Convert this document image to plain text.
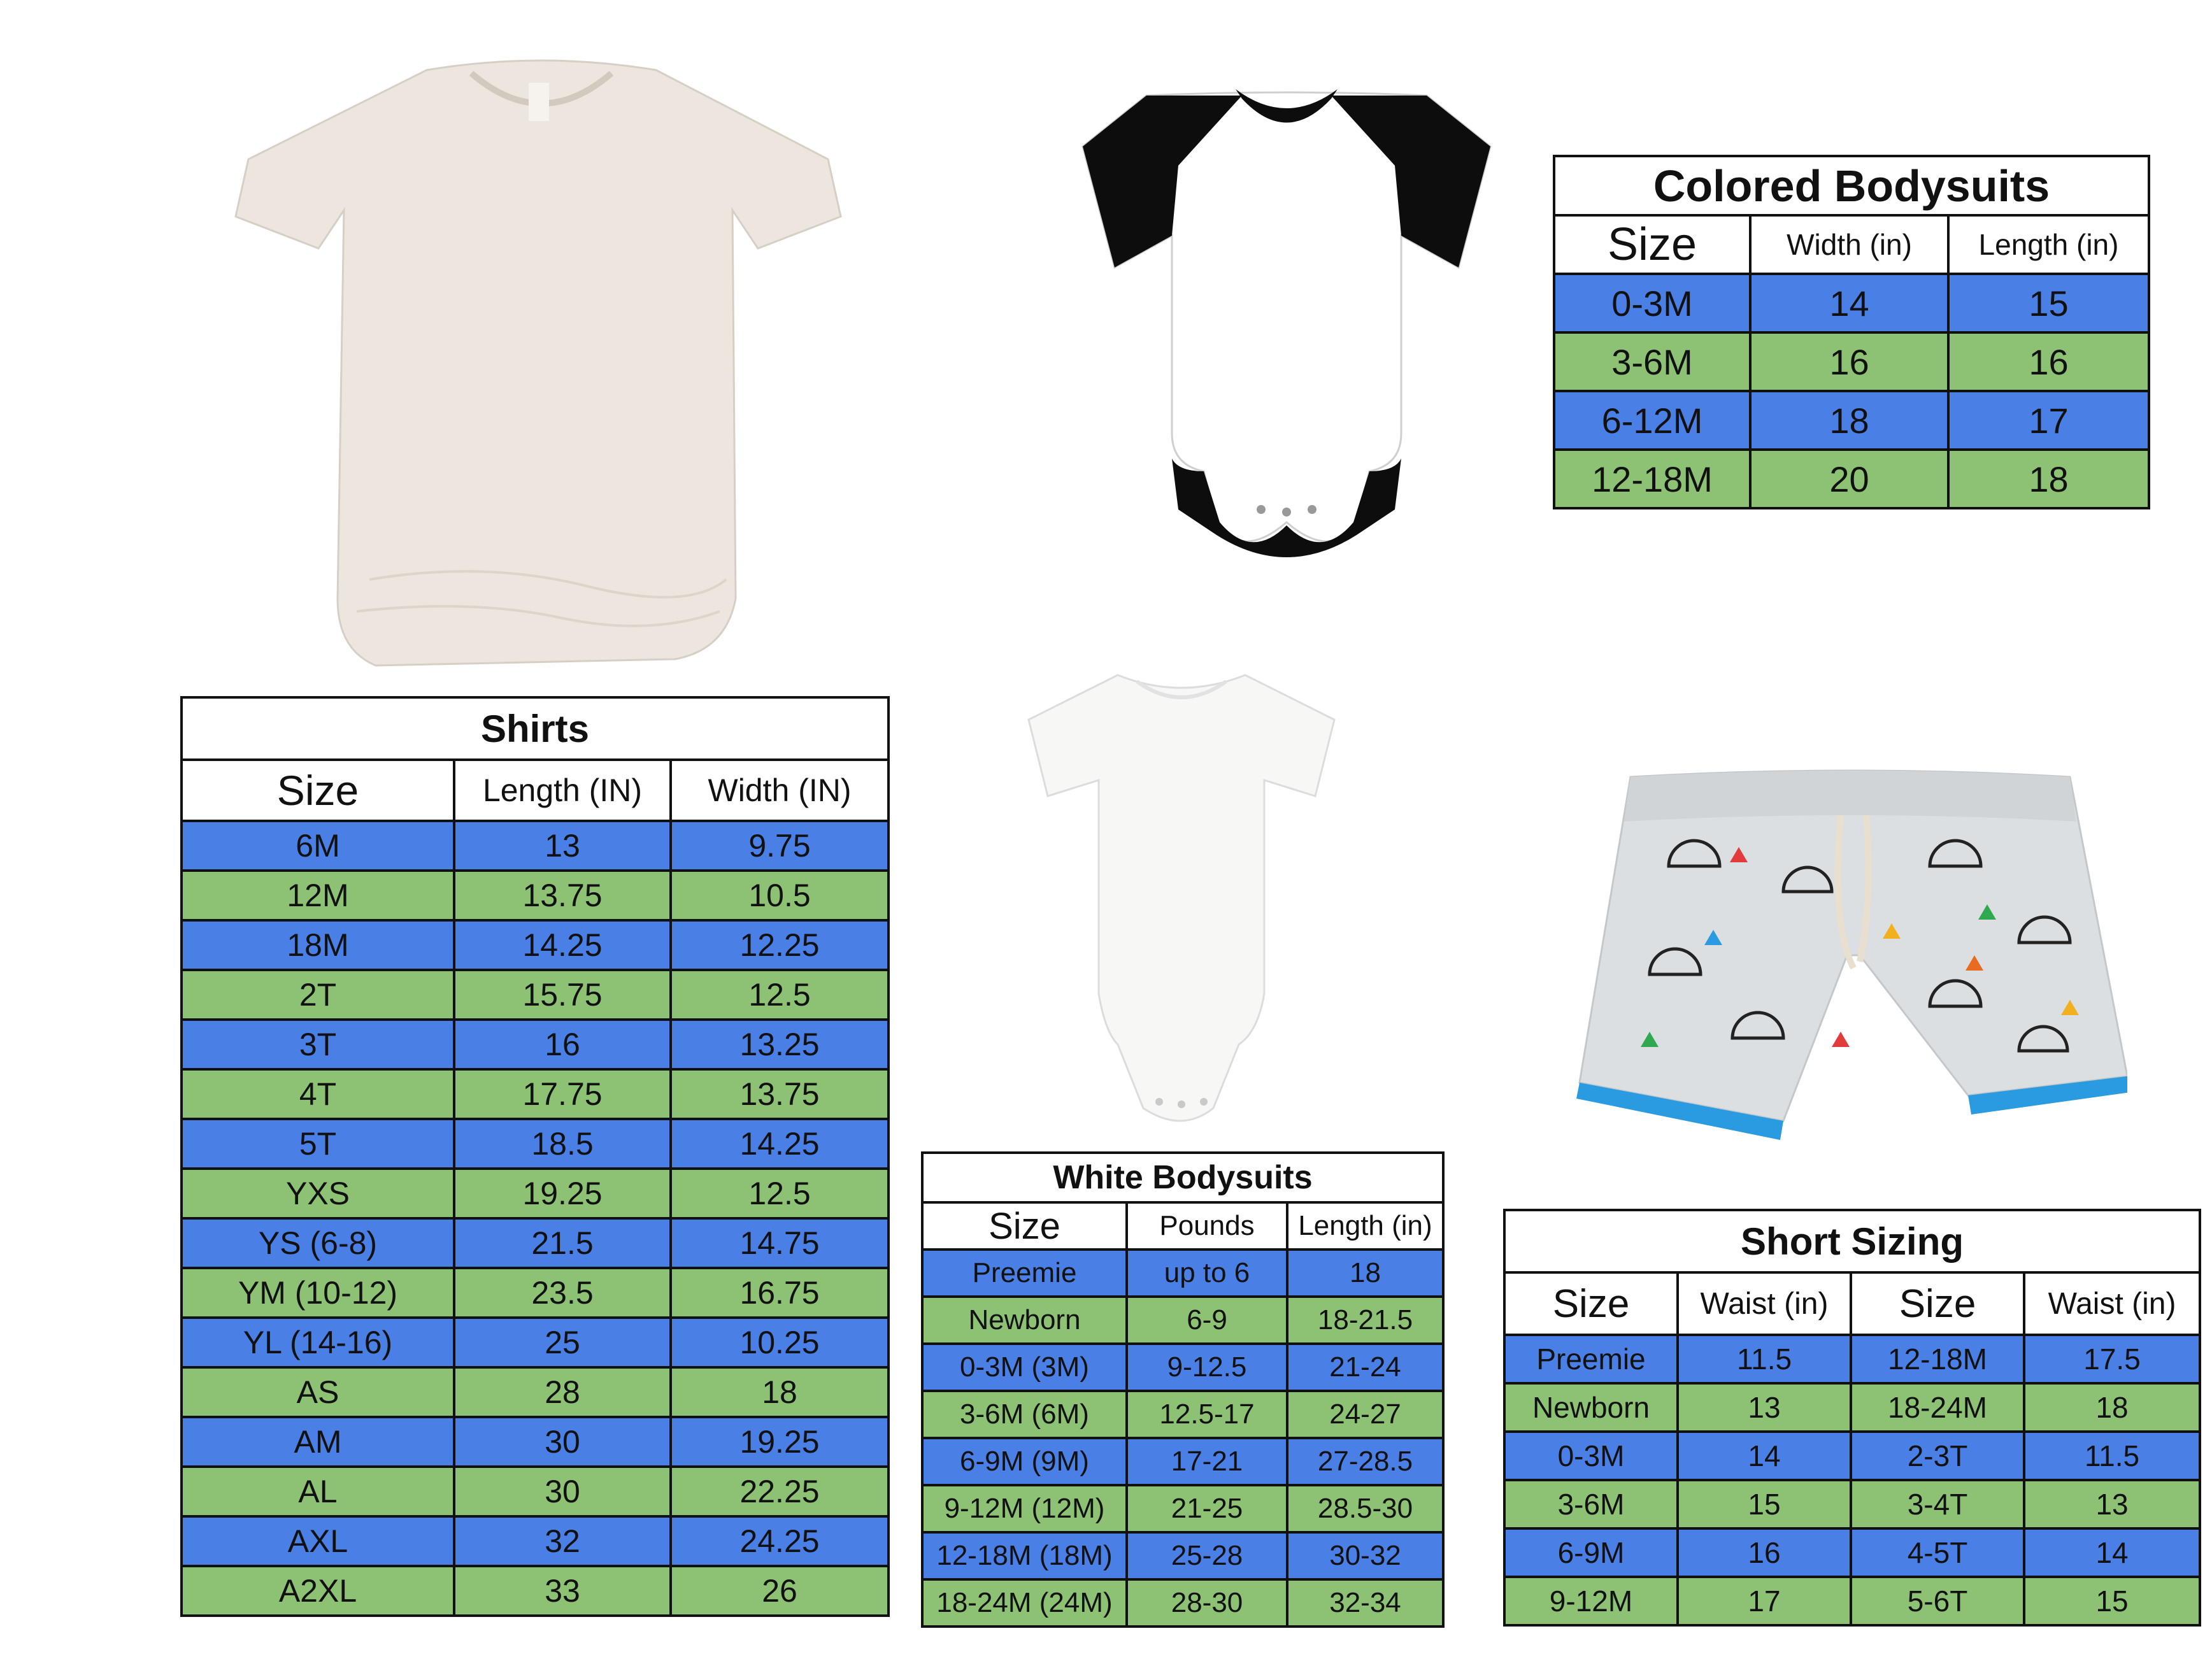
Shirts		
Size	Length (IN)	Width (IN)
6M	13	9.75
12M	13.75	10.5
18M	14.25	12.25
2T	15.75	12.5
3T	16	13.25
4T	17.75	13.75
5T	18.5	14.25
YXS	19.25	12.5
YS (6-8)	21.5	14.75
YM (10-12)	23.5	16.75
YL (14-16)	25	10.25
AS	28	18
AM	30	19.25
AL	30	22.25
AXL	32	24.25
A2XL	33	26
Colored Bodysuits		
Size	Width (in)	Length (in)
0-3M	14	15
3-6M	16	16
6-12M	18	17
12-18M	20	18
White Bodysuits		
Size	Pounds	Length (in)
Preemie	up to 6	18
Newborn	6-9	18-21.5
0-3M (3M)	9-12.5	21-24
3-6M (6M)	12.5-17	24-27
6-9M (9M)	17-21	27-28.5
9-12M (12M)	21-25	28.5-30
12-18M (18M)	25-28	30-32
18-24M (24M)	28-30	32-34
Short Sizing			
Size	Waist (in)	Size	Waist (in)
Preemie	11.5	12-18M	17.5
Newborn	13	18-24M	18
0-3M	14	2-3T	11.5
3-6M	15	3-4T	13
6-9M	16	4-5T	14
9-12M	17	5-6T	15
